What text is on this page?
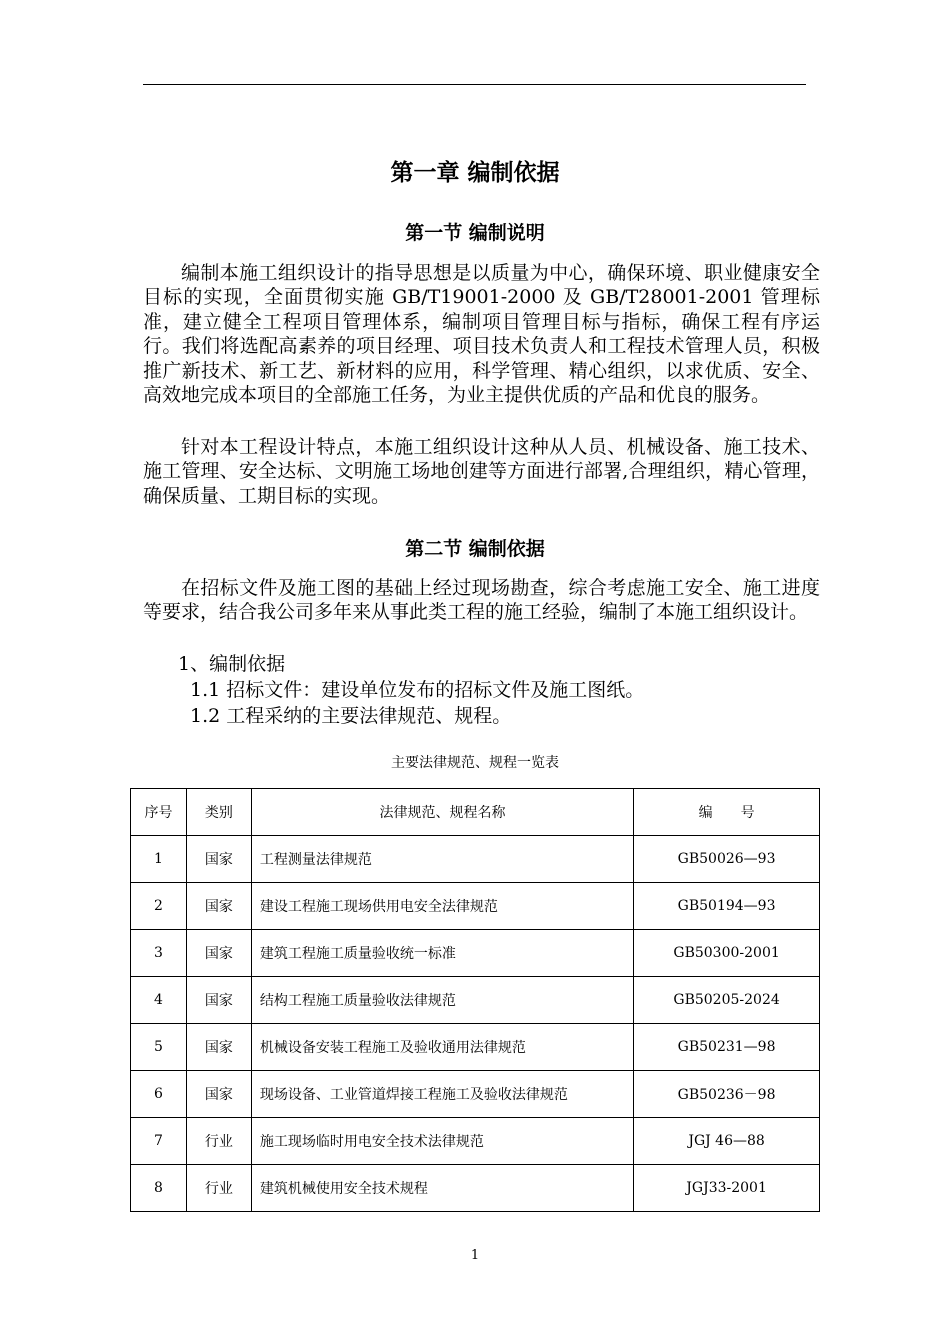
第一章 编制依据
第一节 编制说明

编制本施工组织设计的指导思想是以质量为中心，确保环境、职业健康安全目标的实现，全面贯彻实施 GB/T19001-2000 及 GB/T28001-2001 管理标准，建立健全工程项目管理体系，编制项目管理目标与指标，确保工程有序运行。我们将选配高素养的项目经理、项目技术负责人和工程技术管理人员，积极推广新技术、新工艺、新材料的应用，科学管理、精心组织，以求优质、安全、高效地完成本项目的全部施工任务，为业主提供优质的产品和优良的服务。

针对本工程设计特点，本施工组织设计这种从人员、机械设备、施工技术、施工管理、安全达标、文明施工场地创建等方面进行部署,合理组织，精心管理，确保质量、工期目标的实现。

第二节 编制依据

在招标文件及施工图的基础上经过现场勘查，综合考虑施工安全、施工进度等要求，结合我公司多年来从事此类工程的施工经验，编制了本施工组织设计。

1、编制依据
1.1 招标文件：建设单位发布的招标文件及施工图纸。
1.2 工程采纳的主要法律规范、规程。
主要法律规范、规程一览表
序号	类别	法律规范、规程名称	编　　号
1	国家	工程测量法律规范	GB50026—93
2	国家	建设工程施工现场供用电安全法律规范	GB50194—93
3	国家	建筑工程施工质量验收统一标准	GB50300-2001
4	国家	结构工程施工质量验收法律规范	GB50205-2024
5	国家	机械设备安装工程施工及验收通用法律规范	GB50231—98
6	国家	现场设备、工业管道焊接工程施工及验收法律规范	GB50236－98
7	行业	施工现场临时用电安全技术法律规范	JGJ 46—88
8	行业	建筑机械使用安全技术规程	JGJ33-2001
1
